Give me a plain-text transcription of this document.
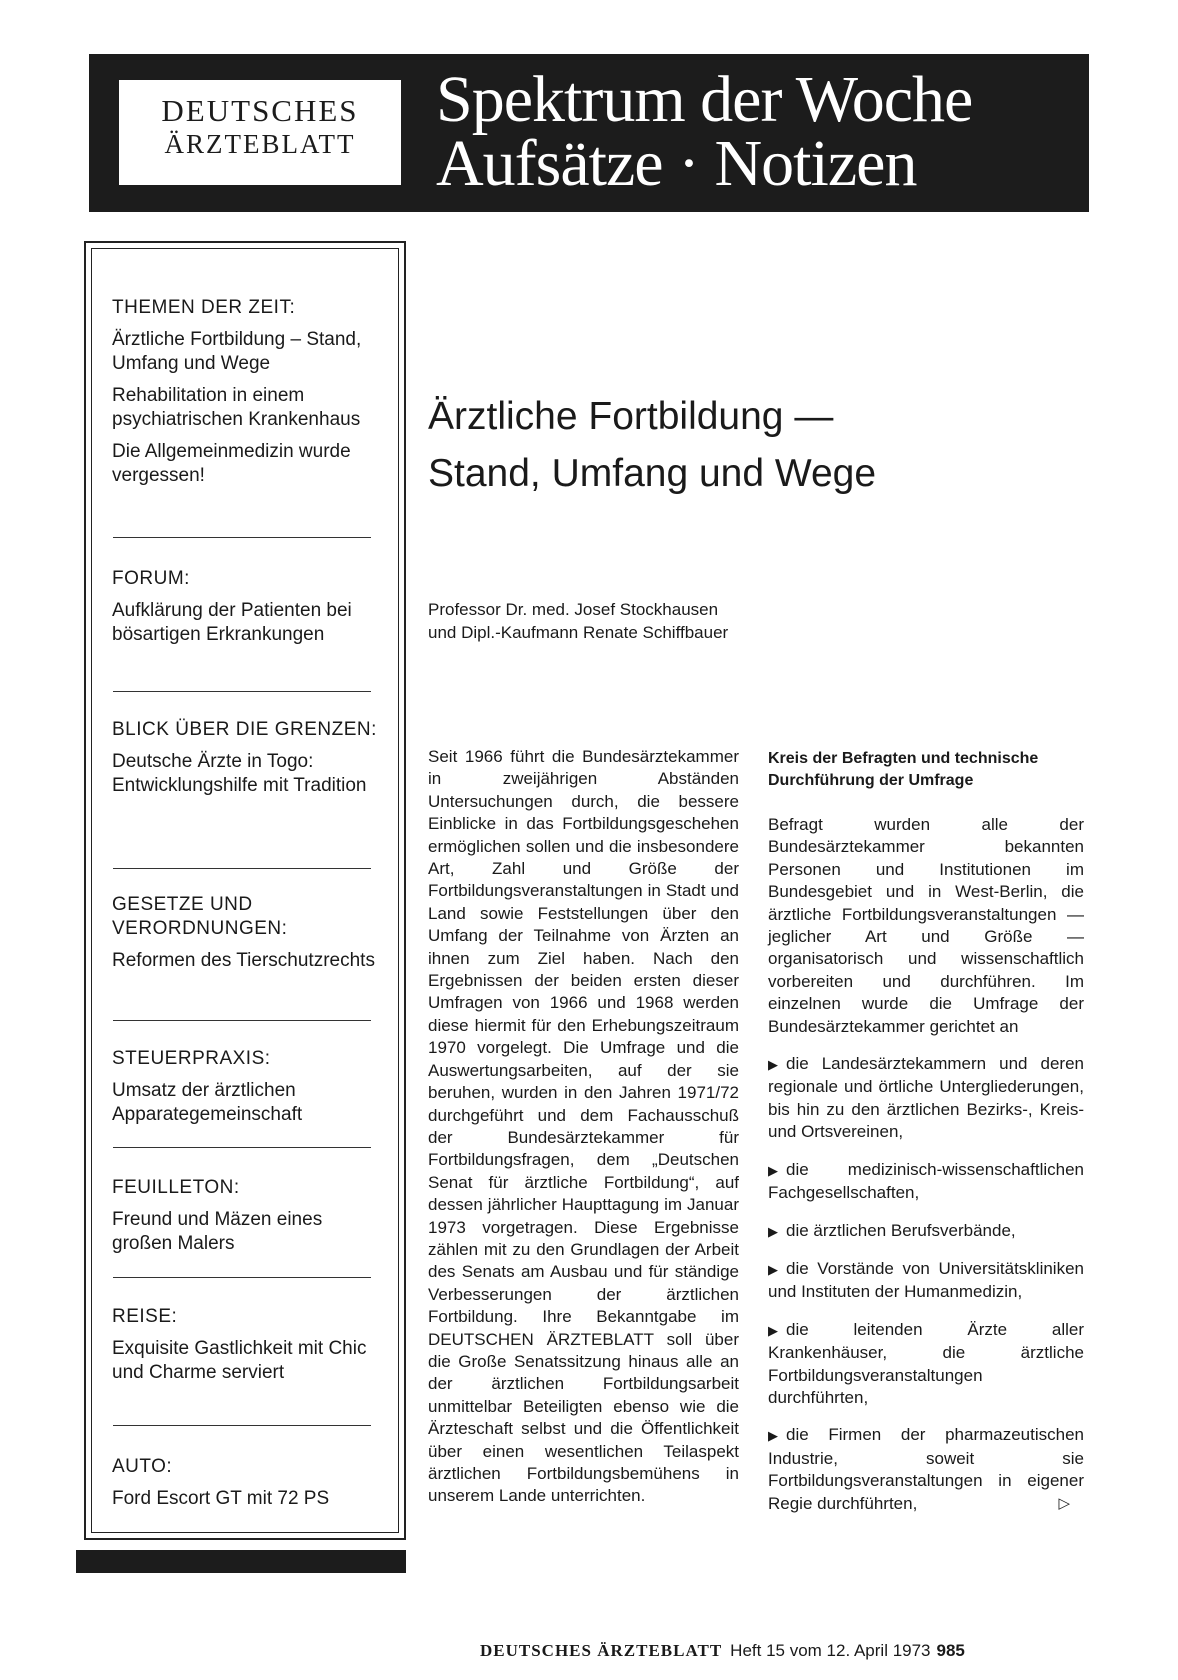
DEUTSCHES
ÄRZTEBLATT
Spektrum der Woche
Aufsätze · Notizen
THEMEN DER ZEIT:
Ärztliche Fortbildung – Stand, Umfang und Wege
Rehabilitation in einem psychiatrischen Krankenhaus
Die Allgemeinmedizin wurde vergessen!
FORUM:
Aufklärung der Patienten bei bösartigen Erkrankungen
BLICK ÜBER DIE GRENZEN:
Deutsche Ärzte in Togo: Entwicklungshilfe mit Tradition
GESETZE UND VERORDNUNGEN:
Reformen des Tierschutzrechts
STEUERPRAXIS:
Umsatz der ärztlichen Apparategemeinschaft
FEUILLETON:
Freund und Mäzen eines großen Malers
REISE:
Exquisite Gastlichkeit mit Chic und Charme serviert
AUTO:
Ford Escort GT mit 72 PS
Ärztliche Fortbildung —
Stand, Umfang und Wege
Professor Dr. med. Josef Stockhausen
und Dipl.-Kaufmann Renate Schiffbauer
Seit 1966 führt die Bundesärztekammer in zweijährigen Abständen Untersuchungen durch, die bessere Einblicke in das Fortbildungsgeschehen ermöglichen sollen und die insbesondere Art, Zahl und Größe der Fortbildungsveranstaltungen in Stadt und Land sowie Feststellungen über den Umfang der Teilnahme von Ärzten an ihnen zum Ziel haben. Nach den Ergebnissen der beiden ersten dieser Umfragen von 1966 und 1968 werden diese hiermit für den Erhebungszeitraum 1970 vorgelegt. Die Umfrage und die Auswertungsarbeiten, auf der sie beruhen, wurden in den Jahren 1971/72 durchgeführt und dem Fachausschuß der Bundesärztekammer für Fortbildungsfragen, dem „Deutschen Senat für ärztliche Fortbildung“, auf dessen jährlicher Haupttagung im Januar 1973 vorgetragen. Diese Ergebnisse zählen mit zu den Grundlagen der Arbeit des Senats am Ausbau und für ständige Verbesserungen der ärztlichen Fortbildung. Ihre Bekanntgabe im DEUTSCHEN ÄRZTEBLATT soll über die Große Senatssitzung hinaus alle an der ärztlichen Fortbildungsarbeit unmittelbar Beteiligten ebenso wie die Ärzteschaft selbst und die Öffentlichkeit über einen wesentlichen Teilaspekt ärztlichen Fortbildungsbemühens in unserem Lande unterrichten.
Kreis der Befragten und technische Durchführung der Umfrage

Befragt wurden alle der Bundesärztekammer bekannten Personen und Institutionen im Bundesgebiet und in West-Berlin, die ärztliche Fortbildungsveranstaltungen — jeglicher Art und Größe — organisatorisch und wissenschaftlich vorbereiten und durchführen. Im einzelnen wurde die Umfrage der Bundesärztekammer gerichtet an

▶ die Landesärztekammern und deren regionale und örtliche Untergliederungen, bis hin zu den ärztlichen Bezirks-, Kreis- und Ortsvereinen,
▶ die medizinisch-wissenschaftlichen Fachgesellschaften,
▶ die ärztlichen Berufsverbände,
▶ die Vorstände von Universitätskliniken und Instituten der Humanmedizin,
▶ die leitenden Ärzte aller Krankenhäuser, die ärztliche Fortbildungsveranstaltungen durchführten,
▶ die Firmen der pharmazeutischen Industrie, soweit sie Fortbildungsveranstaltungen in eigener Regie durchführten,	▷
DEUTSCHES ÄRZTEBLATT Heft 15 vom 12. April 1973 985
